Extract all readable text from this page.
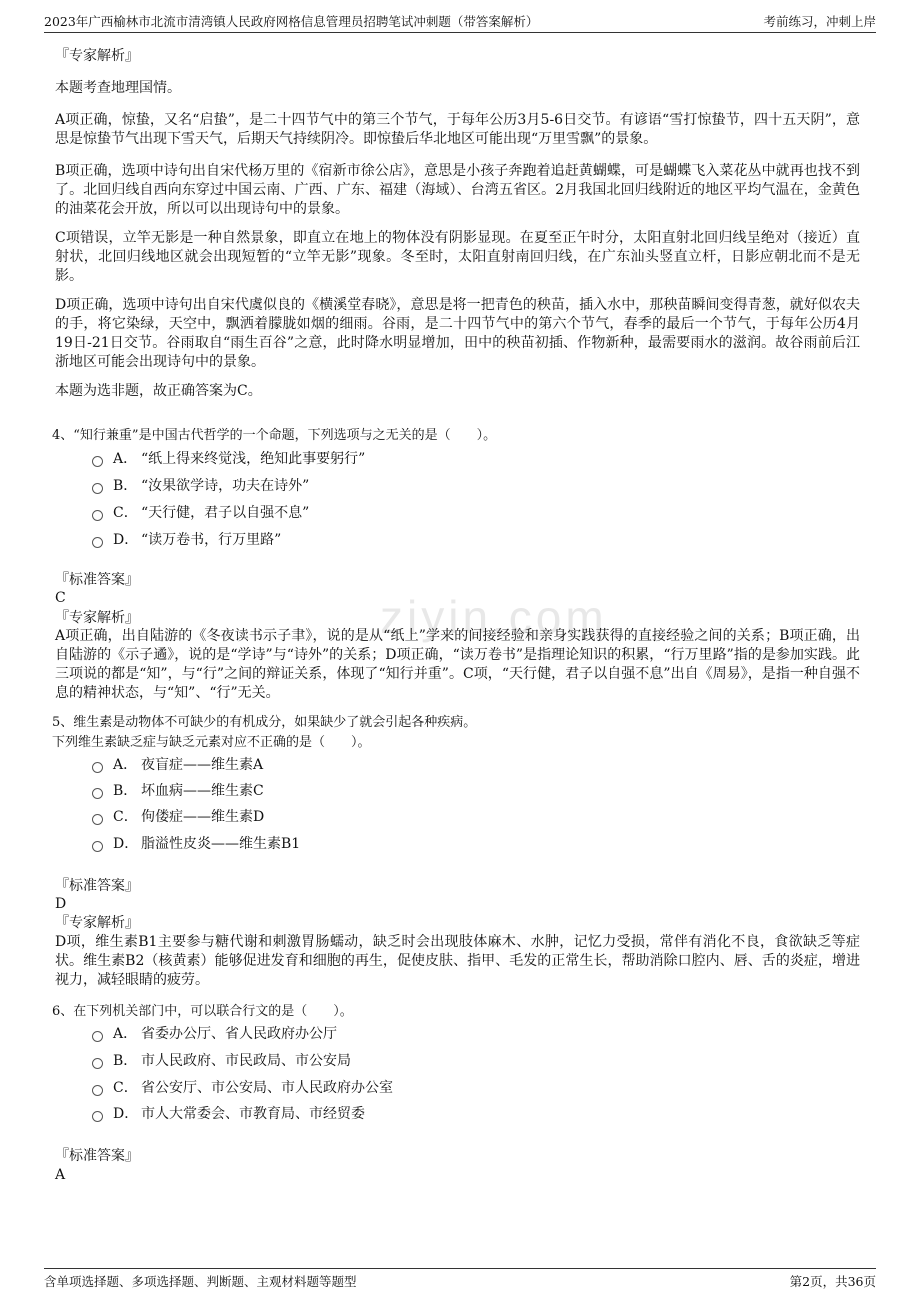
2023年广西榆林市北流市清湾镇人民政府网格信息管理员招聘笔试冲刺题（带答案解析）	考前练习，冲刺上岸
ziyin.com
『专家解析』
本题考查地理国情。
A项正确，惊蛰，又名“启蛰”，是二十四节气中的第三个节气，于每年公历3月5-6日交节。有谚语“雪打惊蛰节，四十五天阴”，意思是惊蛰节气出现下雪天气，后期天气持续阴冷。即惊蛰后华北地区可能出现“万里雪飘”的景象。
B项正确，选项中诗句出自宋代杨万里的《宿新市徐公店》，意思是小孩子奔跑着追赶黄蝴蝶，可是蝴蝶飞入菜花丛中就再也找不到了。北回归线自西向东穿过中国云南、广西、广东、福建（海域）、台湾五省区。2月我国北回归线附近的地区平均气温在，金黄色的油菜花会开放，所以可以出现诗句中的景象。
C项错误，立竿无影是一种自然景象，即直立在地上的物体没有阴影显现。在夏至正午时分，太阳直射北回归线呈绝对（接近）直射状，北回归线地区就会出现短暂的“立竿无影”现象。冬至时，太阳直射南回归线，在广东汕头竖直立杆，日影应朝北而不是无影。
D项正确，选项中诗句出自宋代虞似良的《横溪堂春晓》，意思是将一把青色的秧苗，插入水中，那秧苗瞬间变得青葱，就好似农夫的手，将它染绿，天空中，飘洒着朦胧如烟的细雨。谷雨，是二十四节气中的第六个节气，春季的最后一个节气，于每年公历4月19日-21日交节。谷雨取自“雨生百谷”之意，此时降水明显增加，田中的秧苗初插、作物新种，最需要雨水的滋润。故谷雨前后江浙地区可能会出现诗句中的景象。
本题为选非题，故正确答案为C。
4、“知行兼重”是中国古代哲学的一个命题，下列选项与之无关的是（　　）。
A． “纸上得来终觉浅，绝知此事要躬行”
B． “汝果欲学诗，功夫在诗外”
C． “天行健，君子以自强不息”
D． “读万卷书，行万里路”
『标准答案』
C
『专家解析』
A项正确，出自陆游的《冬夜读书示子聿》，说的是从“纸上”学来的间接经验和亲身实践获得的直接经验之间的关系；B项正确，出自陆游的《示子遹》，说的是“学诗”与“诗外”的关系；D项正确，“读万卷书”是指理论知识的积累，“行万里路”指的是参加实践。此三项说的都是“知”，与“行”之间的辩证关系，体现了“知行并重”。C项，“天行健，君子以自强不息”出自《周易》，是指一种自强不息的精神状态，与“知”、“行”无关。
5、维生素是动物体不可缺少的有机成分，如果缺少了就会引起各种疾病。
下列维生素缺乏症与缺乏元素对应不正确的是（　　）。
A． 夜盲症——维生素A
B． 坏血病——维生素C
C． 佝偻症——维生素D
D． 脂溢性皮炎——维生素B1
『标准答案』
D
『专家解析』
D项，维生素B1主要参与糖代谢和刺激胃肠蠕动，缺乏时会出现肢体麻木、水肿，记忆力受损，常伴有消化不良，食欲缺乏等症状。维生素B2（核黄素）能够促进发育和细胞的再生，促使皮肤、指甲、毛发的正常生长，帮助消除口腔内、唇、舌的炎症，增进视力，减轻眼睛的疲劳。
6、在下列机关部门中，可以联合行文的是（　　）。
A． 省委办公厅、省人民政府办公厅
B． 市人民政府、市民政局、市公安局
C． 省公安厅、市公安局、市人民政府办公室
D． 市人大常委会、市教育局、市经贸委
『标准答案』
A
含单项选择题、多项选择题、判断题、主观材料题等题型	第2页，共36页
